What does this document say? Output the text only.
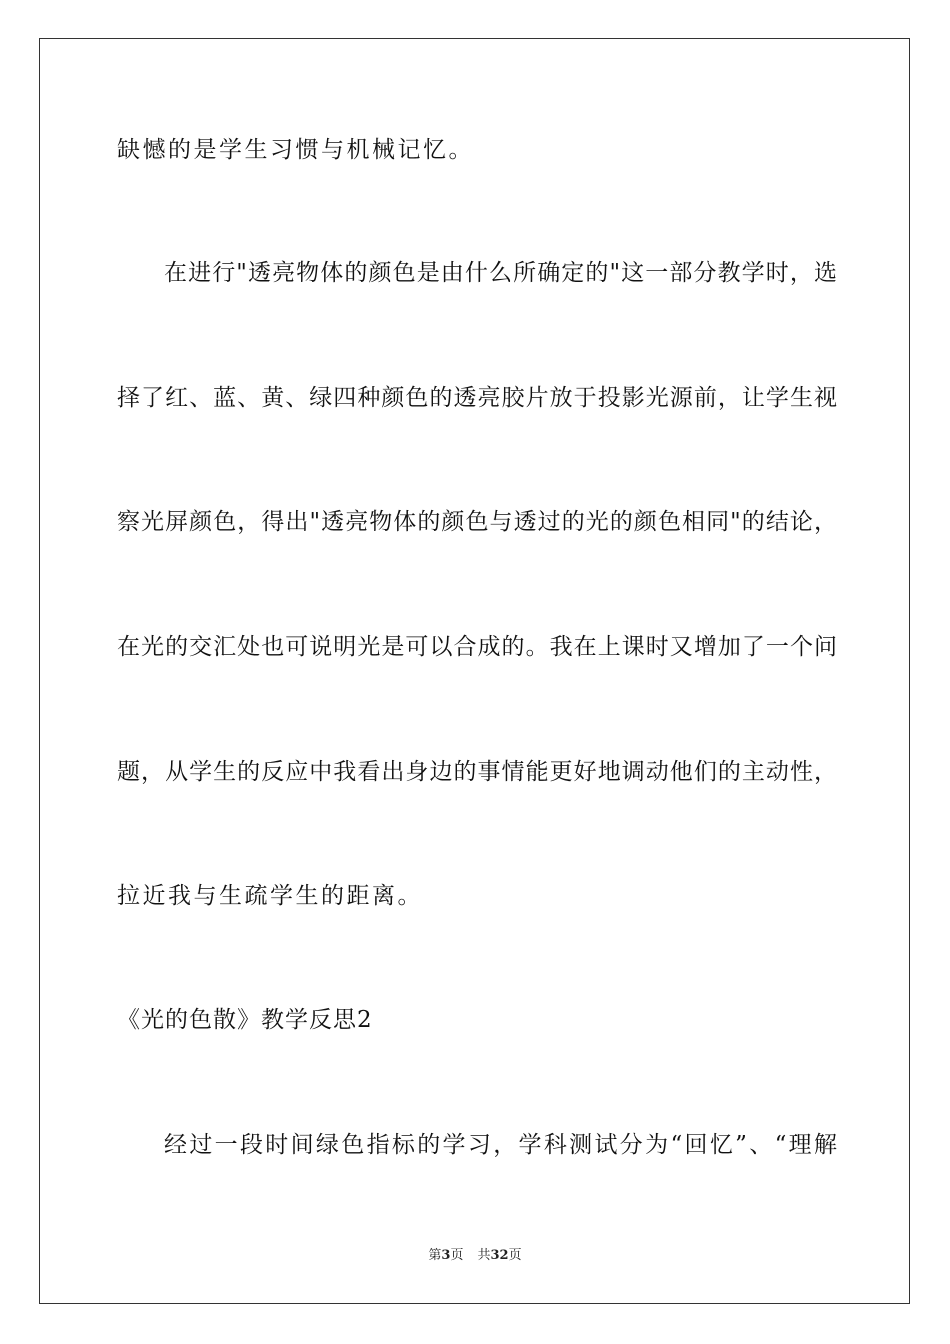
缺憾的是学生习惯与机械记忆。
在进行"透亮物体的颜色是由什么所确定的"这一部分教学时，选
择了红、蓝、黄、绿四种颜色的透亮胶片放于投影光源前，让学生视
察光屏颜色，得出"透亮物体的颜色与透过的光的颜色相同"的结论，
在光的交汇处也可说明光是可以合成的。我在上课时又增加了一个问
题，从学生的反应中我看出身边的事情能更好地调动他们的主动性，
拉近我与生疏学生的距离。
《光的色散》教学反思2
经过一段时间绿色指标的学习，学科测试分为“回忆”、“理解
第3页 共32页
